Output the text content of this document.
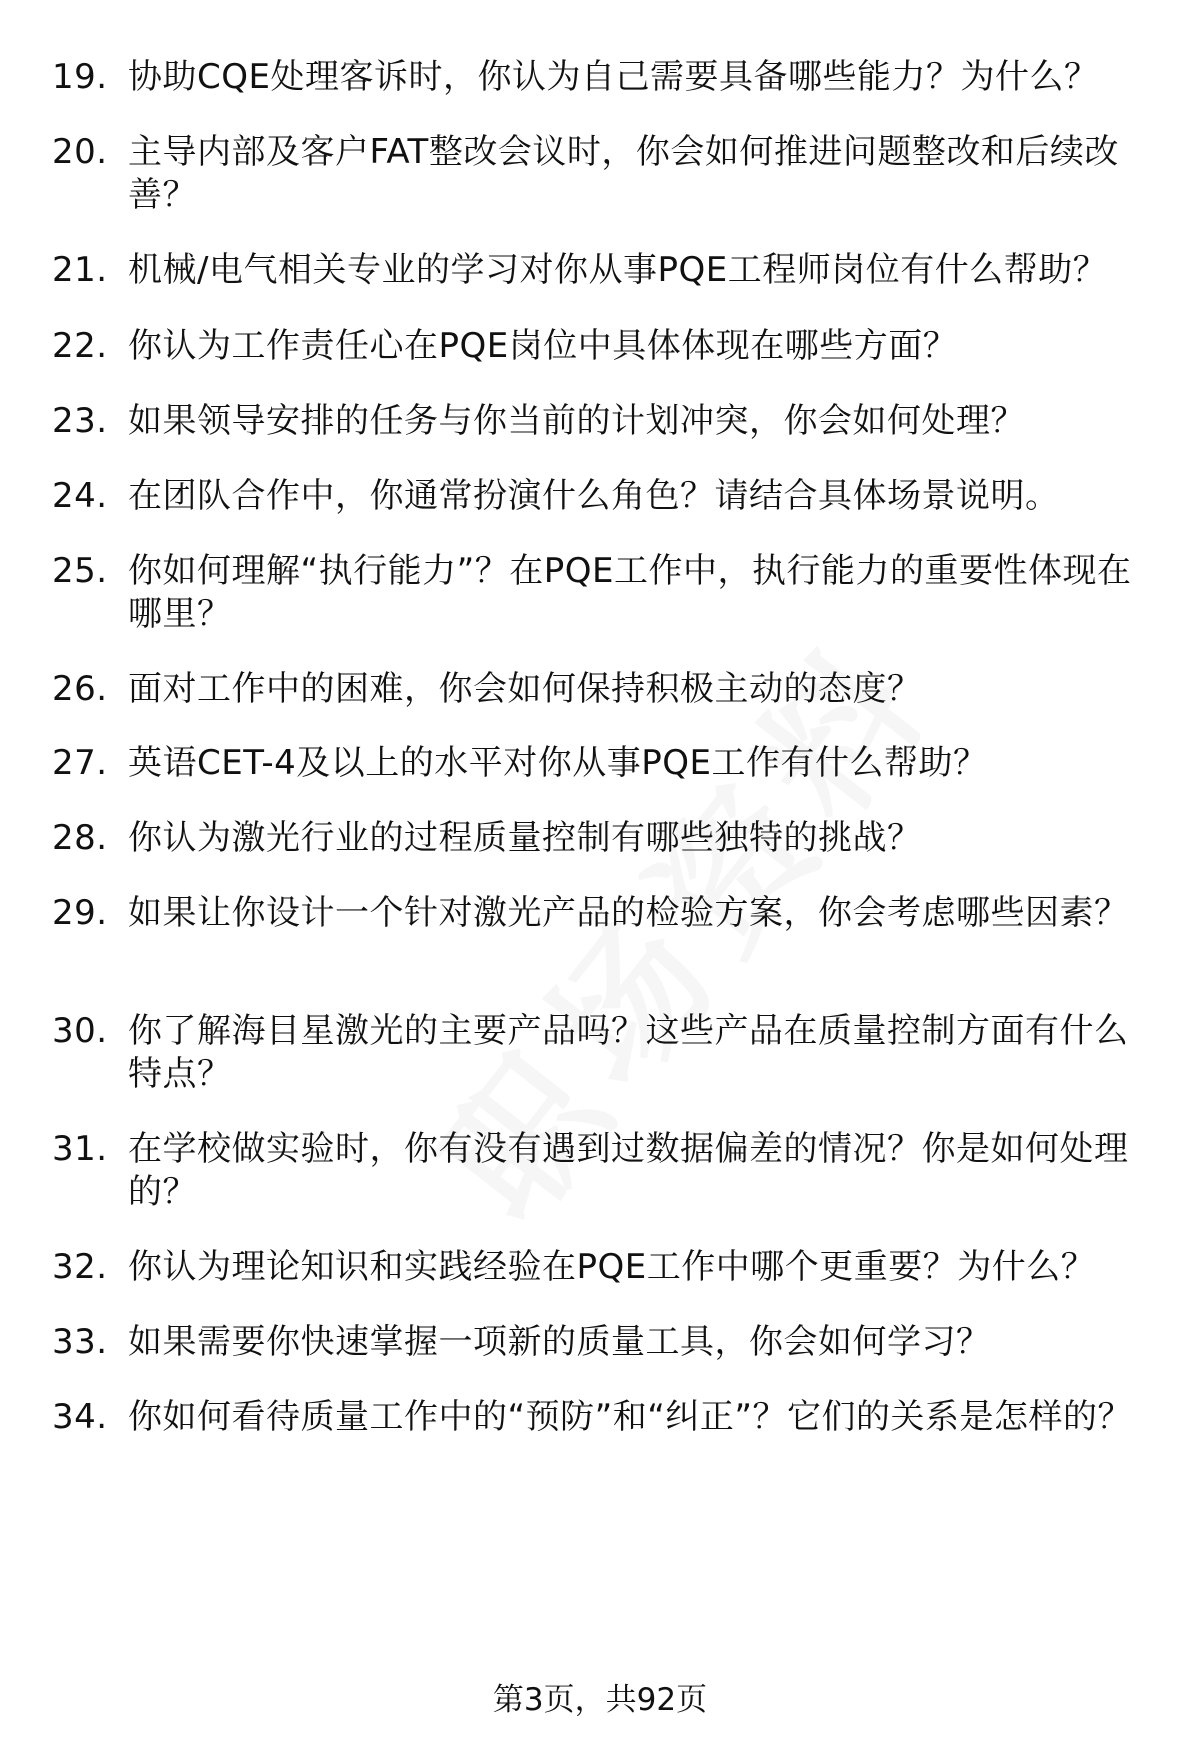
19. 协助CQE处理客诉时，你认为自己需要具备哪些能力？为什么？
20. 主导内部及客户FAT整改会议时，你会如何推进问题整改和后续改善？
21. 机械/电气相关专业的学习对你从事PQE工程师岗位有什么帮助？
22. 你认为工作责任心在PQE岗位中具体体现在哪些方面？
23. 如果领导安排的任务与你当前的计划冲突，你会如何处理？
24. 在团队合作中，你通常扮演什么角色？请结合具体场景说明。
25. 你如何理解“执行能力”？在PQE工作中，执行能力的重要性体现在哪里？
26. 面对工作中的困难，你会如何保持积极主动的态度？
27. 英语CET-4及以上的水平对你从事PQE工作有什么帮助？
28. 你认为激光行业的过程质量控制有哪些独特的挑战？
29. 如果让你设计一个针对激光产品的检验方案，你会考虑哪些因素？
30. 你了解海目星激光的主要产品吗？这些产品在质量控制方面有什么特点？
31. 在学校做实验时，你有没有遇到过数据偏差的情况？你是如何处理的？
32. 你认为理论知识和实践经验在PQE工作中哪个更重要？为什么？
33. 如果需要你快速掌握一项新的质量工具，你会如何学习？
34. 你如何看待质量工作中的“预防”和“纠正”？它们的关系是怎样的？
第3页，共92页
